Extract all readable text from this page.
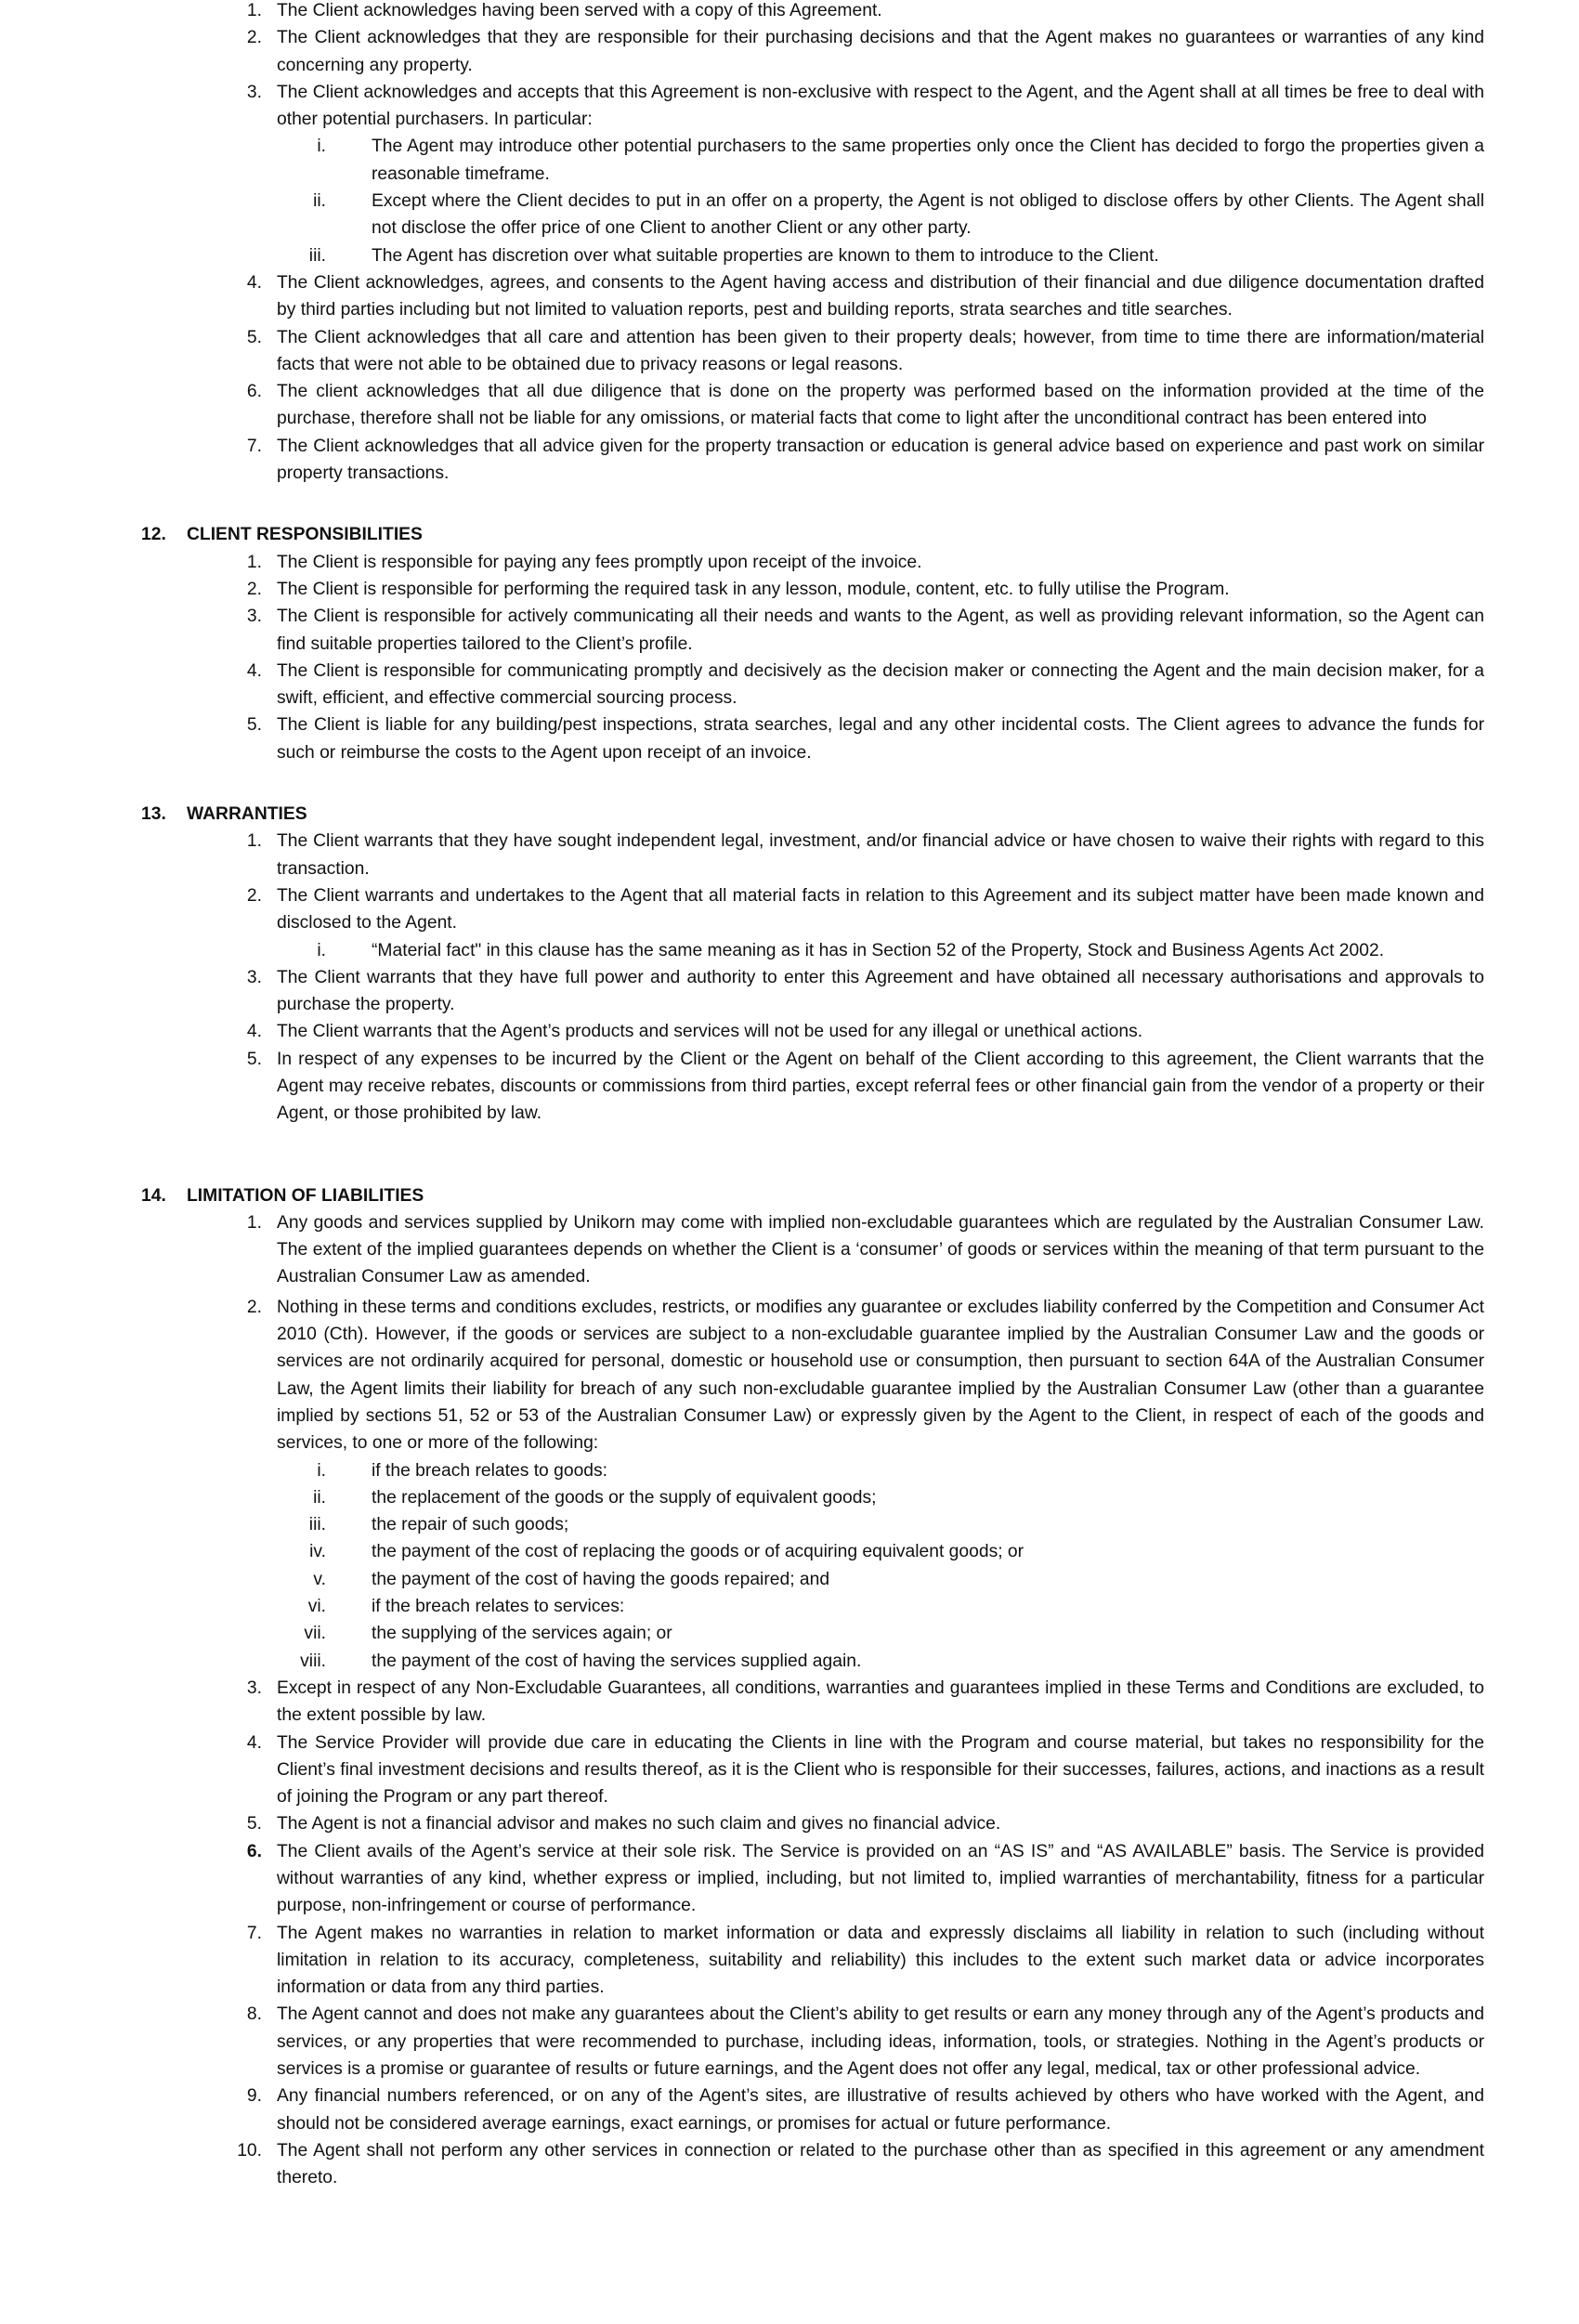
1. The Client acknowledges having been served with a copy of this Agreement.
2. The Client acknowledges that they are responsible for their purchasing decisions and that the Agent makes no guarantees or warranties of any kind concerning any property.
3. The Client acknowledges and accepts that this Agreement is non-exclusive with respect to the Agent, and the Agent shall at all times be free to deal with other potential purchasers. In particular:
i.	The Agent may introduce other potential purchasers to the same properties only once the Client has decided to forgo the properties given a reasonable timeframe.
ii.	Except where the Client decides to put in an offer on a property, the Agent is not obliged to disclose offers by other Clients. The Agent shall not disclose the offer price of one Client to another Client or any other party.
iii.	The Agent has discretion over what suitable properties are known to them to introduce to the Client.
4. The Client acknowledges, agrees, and consents to the Agent having access and distribution of their financial and due diligence documentation drafted by third parties including but not limited to valuation reports, pest and building reports, strata searches and title searches.
5. The Client acknowledges that all care and attention has been given to their property deals; however, from time to time there are information/material facts that were not able to be obtained due to privacy reasons or legal reasons.
6. The client acknowledges that all due diligence that is done on the property was performed based on the information provided at the time of the purchase, therefore shall not be liable for any omissions, or material facts that come to light after the unconditional contract has been entered into
7. The Client acknowledges that all advice given for the property transaction or education is general advice based on experience and past work on similar property transactions.
12. CLIENT RESPONSIBILITIES
1. The Client is responsible for paying any fees promptly upon receipt of the invoice.
2. The Client is responsible for performing the required task in any lesson, module, content, etc. to fully utilise the Program.
3. The Client is responsible for actively communicating all their needs and wants to the Agent, as well as providing relevant information, so the Agent can find suitable properties tailored to the Client’s profile.
4. The Client is responsible for communicating promptly and decisively as the decision maker or connecting the Agent and the main decision maker, for a swift, efficient, and effective commercial sourcing process.
5. The Client is liable for any building/pest inspections, strata searches, legal and any other incidental costs. The Client agrees to advance the funds for such or reimburse the costs to the Agent upon receipt of an invoice.
13. WARRANTIES
1. The Client warrants that they have sought independent legal, investment, and/or financial advice or have chosen to waive their rights with regard to this transaction.
2. The Client warrants and undertakes to the Agent that all material facts in relation to this Agreement and its subject matter have been made known and disclosed to the Agent.
i.	“Material fact" in this clause has the same meaning as it has in Section 52 of the Property, Stock and Business Agents Act 2002.
3. The Client warrants that they have full power and authority to enter this Agreement and have obtained all necessary authorisations and approvals to purchase the property.
4. The Client warrants that the Agent’s products and services will not be used for any illegal or unethical actions.
5. In respect of any expenses to be incurred by the Client or the Agent on behalf of the Client according to this agreement, the Client warrants that the Agent may receive rebates, discounts or commissions from third parties, except referral fees or other financial gain from the vendor of a property or their Agent, or those prohibited by law.
14. LIMITATION OF LIABILITIES
1. Any goods and services supplied by Unikorn may come with implied non-excludable guarantees which are regulated by the Australian Consumer Law. The extent of the implied guarantees depends on whether the Client is a ‘consumer’ of goods or services within the meaning of that term pursuant to the Australian Consumer Law as amended.
2. Nothing in these terms and conditions excludes, restricts, or modifies any guarantee or excludes liability conferred by the Competition and Consumer Act 2010 (Cth). However, if the goods or services are subject to a non-excludable guarantee implied by the Australian Consumer Law and the goods or services are not ordinarily acquired for personal, domestic or household use or consumption, then pursuant to section 64A of the Australian Consumer Law, the Agent limits their liability for breach of any such non-excludable guarantee implied by the Australian Consumer Law (other than a guarantee implied by sections 51, 52 or 53 of the Australian Consumer Law) or expressly given by the Agent to the Client, in respect of each of the goods and services, to one or more of the following:
i.	if the breach relates to goods:
ii.	the replacement of the goods or the supply of equivalent goods;
iii.	the repair of such goods;
iv.	the payment of the cost of replacing the goods or of acquiring equivalent goods; or
v.	the payment of the cost of having the goods repaired; and
vi.	if the breach relates to services:
vii.	the supplying of the services again; or
viii.	the payment of the cost of having the services supplied again.
3. Except in respect of any Non-Excludable Guarantees, all conditions, warranties and guarantees implied in these Terms and Conditions are excluded, to the extent possible by law.
4. The Service Provider will provide due care in educating the Clients in line with the Program and course material, but takes no responsibility for the Client’s final investment decisions and results thereof, as it is the Client who is responsible for their successes, failures, actions, and inactions as a result of joining the Program or any part thereof.
5. The Agent is not a financial advisor and makes no such claim and gives no financial advice.
6. The Client avails of the Agent’s service at their sole risk. The Service is provided on an “AS IS” and “AS AVAILABLE” basis. The Service is provided without warranties of any kind, whether express or implied, including, but not limited to, implied warranties of merchantability, fitness for a particular purpose, non-infringement or course of performance.
7. The Agent makes no warranties in relation to market information or data and expressly disclaims all liability in relation to such (including without limitation in relation to its accuracy, completeness, suitability and reliability) this includes to the extent such market data or advice incorporates information or data from any third parties.
8. The Agent cannot and does not make any guarantees about the Client’s ability to get results or earn any money through any of the Agent’s products and services, or any properties that were recommended to purchase, including ideas, information, tools, or strategies. Nothing in the Agent’s products or services is a promise or guarantee of results or future earnings, and the Agent does not offer any legal, medical, tax or other professional advice.
9. Any financial numbers referenced, or on any of the Agent’s sites, are illustrative of results achieved by others who have worked with the Agent, and should not be considered average earnings, exact earnings, or promises for actual or future performance.
10. The Agent shall not perform any other services in connection or related to the purchase other than as specified in this agreement or any amendment thereto.
